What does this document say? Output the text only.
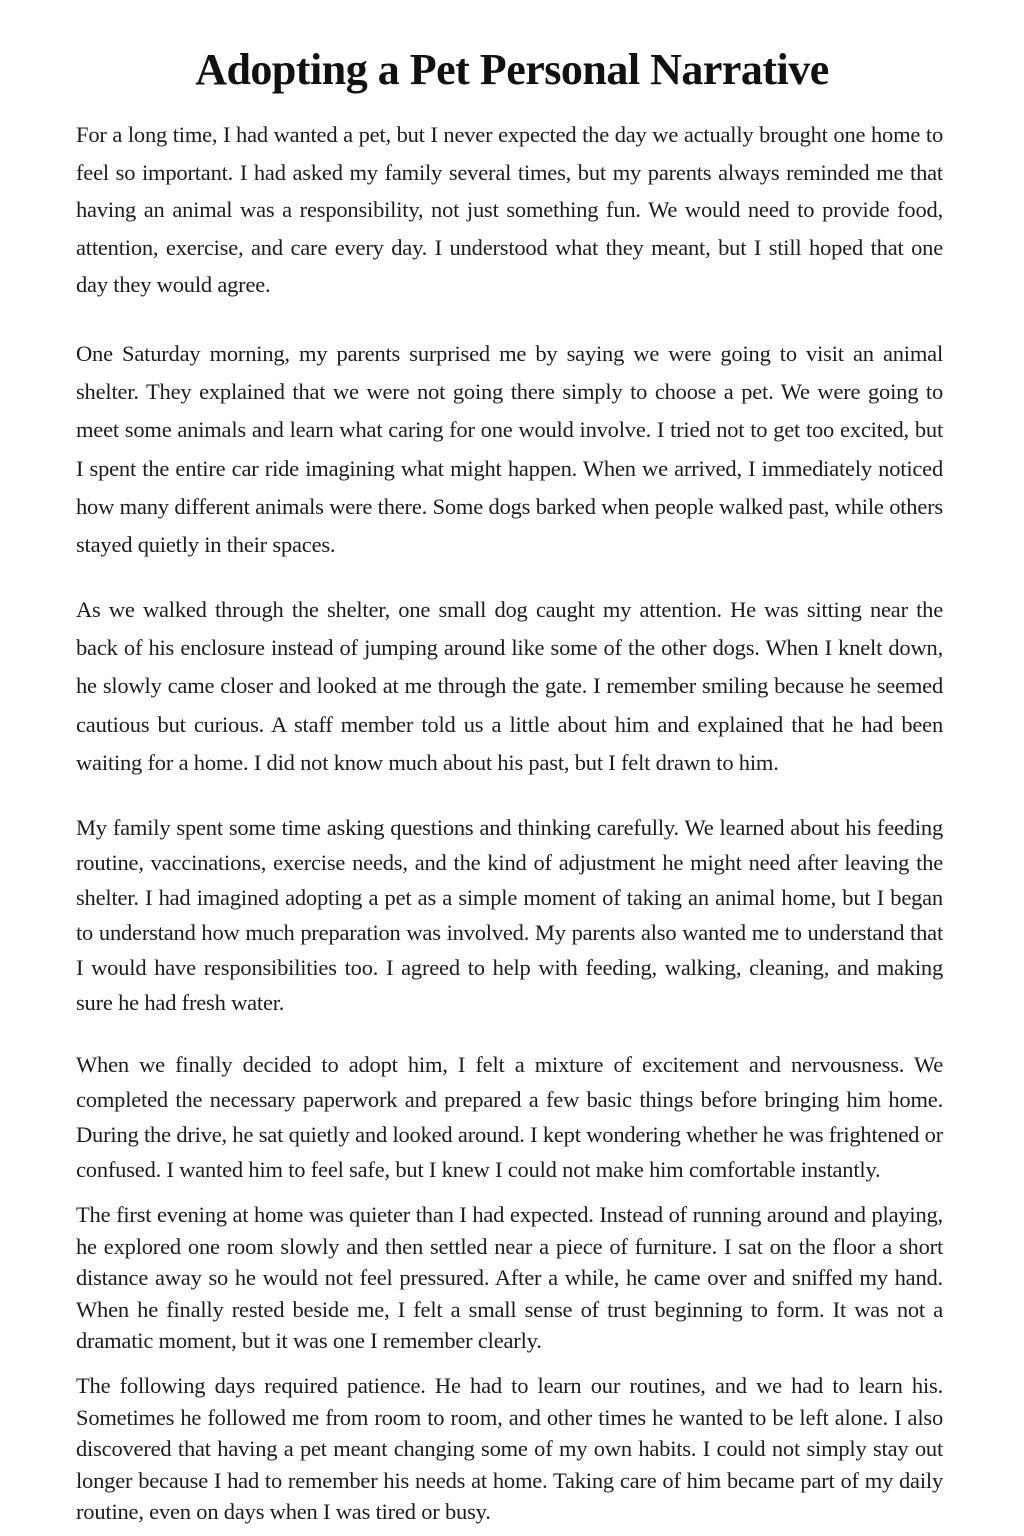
Adopting a Pet Personal Narrative

For a long time, I had wanted a pet, but I never expected the day we actually brought one home to feel so important. I had asked my family several times, but my parents always reminded me that having an animal was a responsibility, not just something fun. We would need to provide food, attention, exercise, and care every day. I understood what they meant, but I still hoped that one day they would agree.

One Saturday morning, my parents surprised me by saying we were going to visit an animal shelter. They explained that we were not going there simply to choose a pet. We were going to meet some animals and learn what caring for one would involve. I tried not to get too excited, but I spent the entire car ride imagining what might happen. When we arrived, I immediately noticed how many different animals were there. Some dogs barked when people walked past, while others stayed quietly in their spaces.

As we walked through the shelter, one small dog caught my attention. He was sitting near the back of his enclosure instead of jumping around like some of the other dogs. When I knelt down, he slowly came closer and looked at me through the gate. I remember smiling because he seemed cautious but curious. A staff member told us a little about him and explained that he had been waiting for a home. I did not know much about his past, but I felt drawn to him.

My family spent some time asking questions and thinking carefully. We learned about his feeding routine, vaccinations, exercise needs, and the kind of adjustment he might need after leaving the shelter. I had imagined adopting a pet as a simple moment of taking an animal home, but I began to understand how much preparation was involved. My parents also wanted me to understand that I would have responsibilities too. I agreed to help with feeding, walking, cleaning, and making sure he had fresh water.

When we finally decided to adopt him, I felt a mixture of excitement and nervousness. We completed the necessary paperwork and prepared a few basic things before bringing him home. During the drive, he sat quietly and looked around. I kept wondering whether he was frightened or confused. I wanted him to feel safe, but I knew I could not make him comfortable instantly.

The first evening at home was quieter than I had expected. Instead of running around and playing, he explored one room slowly and then settled near a piece of furniture. I sat on the floor a short distance away so he would not feel pressured. After a while, he came over and sniffed my hand. When he finally rested beside me, I felt a small sense of trust beginning to form. It was not a dramatic moment, but it was one I remember clearly.

The following days required patience. He had to learn our routines, and we had to learn his. Sometimes he followed me from room to room, and other times he wanted to be left alone. I also discovered that having a pet meant changing some of my own habits. I could not simply stay out longer because I had to remember his needs at home. Taking care of him became part of my daily routine, even on days when I was tired or busy.
